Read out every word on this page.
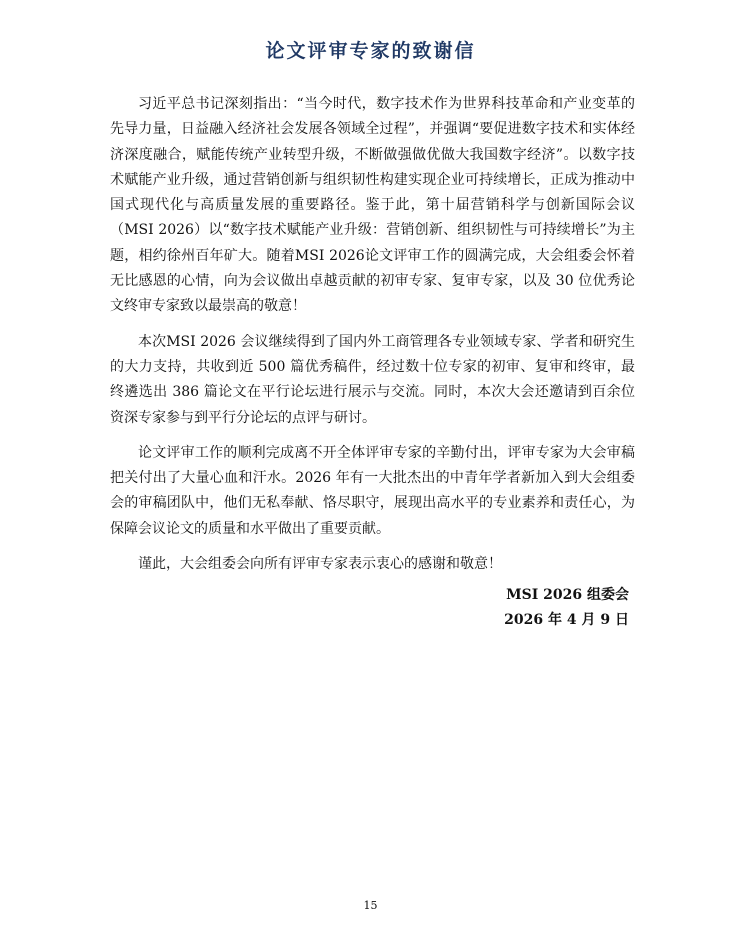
论文评审专家的致谢信

习近平总书记深刻指出：“当今时代，数字技术作为世界科技革命和产业变革的先导力量，日益融入经济社会发展各领域全过程”，并强调“要促进数字技术和实体经济深度融合，赋能传统产业转型升级，不断做强做优做大我国数字经济”。以数字技术赋能产业升级，通过营销创新与组织韧性构建实现企业可持续增长，正成为推动中国式现代化与高质量发展的重要路径。鉴于此，第十届营销科学与创新国际会议（MSI 2026）以“数字技术赋能产业升级：营销创新、组织韧性与可持续增长”为主题，相约徐州百年矿大。随着MSI 2026论文评审工作的圆满完成，大会组委会怀着无比感恩的心情，向为会议做出卓越贡献的初审专家、复审专家，以及 30 位优秀论文终审专家致以最崇高的敬意！

本次MSI 2026 会议继续得到了国内外工商管理各专业领域专家、学者和研究生的大力支持，共收到近 500 篇优秀稿件，经过数十位专家的初审、复审和终审，最终遴选出 386 篇论文在平行论坛进行展示与交流。同时，本次大会还邀请到百余位资深专家参与到平行分论坛的点评与研讨。

论文评审工作的顺利完成离不开全体评审专家的辛勤付出，评审专家为大会审稿把关付出了大量心血和汗水。2026 年有一大批杰出的中青年学者新加入到大会组委会的审稿团队中，他们无私奉献、恪尽职守，展现出高水平的专业素养和责任心，为保障会议论文的质量和水平做出了重要贡献。

谨此，大会组委会向所有评审专家表示衷心的感谢和敬意！

MSI 2026 组委会
2026 年 4 月 9 日
15
